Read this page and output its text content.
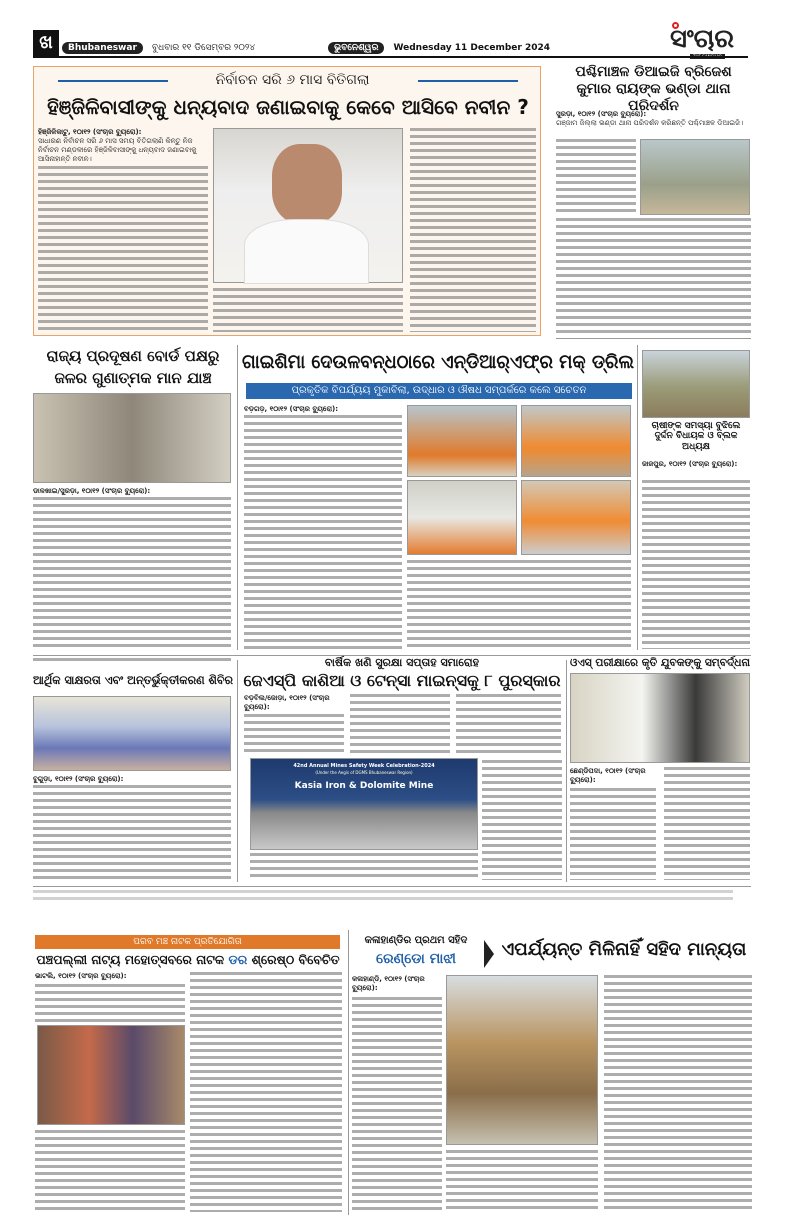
ଖ	Bhubaneswar ବୁଧବାର ୧୧ ଡିସେମ୍ବର ୨୦୨୪	ଭୁବନେଶ୍ୱର Wednesday 11 December 2024	ସଂଚାର
ନିର୍ବାଚନ ସରି ୬ ମାସ ବିତିଗଲା
ହିଞ୍ଜିଳିବାସୀଙ୍କୁ ଧନ୍ୟବାଦ ଜଣାଇବାକୁ କେବେ ଆସିବେ ନବୀନ ?
ହିଞ୍ଜିଳିକାଟୁ, ୧୦ା୧୨ (ସଂଚାର ବ୍ୟୁରୋ):
ସାଧାରଣ ନିର୍ବାଚନ ସରି ୬ ମାସ ସମୟ ବିତିଗଲାଣି କିନ୍ତୁ ନିଜ ନିର୍ବାଚନ ମଣ୍ଡଳୀରେ ହିଞ୍ଜିଳିବାସୀଙ୍କୁ ଧନ୍ୟବାଦ ଜଣାଇବାକୁ ଆସିନାହାନ୍ତି ନବୀନ।
ପଶ୍ଚିମାଞ୍ଚଳ ଡିଆଇଜି ବ୍ରିଜେଶ କୁମାର ରାୟଙ୍କ ଭଣ୍ଡା ଥାନା ପରିଦର୍ଶନ
ସୁରଡ଼ା, ୧୦ା୧୨ (ସଂଚାର ବ୍ୟୁରୋ):
ଗଞ୍ଜାମ ଜିଲ୍ଲା ଭଣ୍ଡା ଥାନା ପରିଦର୍ଶନ କରିଛନ୍ତି ପଶ୍ଚିମାଞ୍ଚଳ ଡିଆଇଜି।
ରାଜ୍ୟ ପ୍ରଦୂଷଣ ବୋର୍ଡ ପକ୍ଷରୁ ଜଳର ଗୁଣାତ୍ମକ ମାନ ଯାଞ୍ଚ
ଡାଳଖାଇ/ସୁରଡ଼ା, ୧୦ା୧୨ (ସଂଚାର ବ୍ୟୁରୋ):
ଗାଇଶିମା ଦେଉଳବନ୍ଧଠାରେ ଏନ୍‌ଡିଆର୍‌ଏଫ୍‌ର ମକ୍ ଡ୍ରିଲ
ପ୍ରକୃତିକ ବିପର୍ଯ୍ୟୟ ମୁକାବିଲା, ଉଦ୍ଧାର ଓ ଔଷଧ ସମ୍ପର୍କରେ କଲେ ସଚେତନ
ବଡ଼ଗଡ଼, ୧୦ା୧୨ (ସଂଚାର ବ୍ୟୁରୋ):
ଚାଷୀଙ୍କ ସମସ୍ୟା ବୁଝିଲେ ଦୁର୍ଦ୍ଦନ ବିଧାୟକ ଓ ବ୍ଲକ ଅଧ୍ୟକ୍ଷ
ଜାଜପୁର, ୧୦ା୧୨ (ସଂଚାର ବ୍ୟୁରୋ):
ଆର୍ଥିକ ସାକ୍ଷରତା ଏବଂ ଅନ୍ତର୍ଭୁକ୍ତୀକରଣ ଶିବିର
ବୁଗୁଡ଼ା, ୧୦ା୧୨ (ସଂଚାର ବ୍ୟୁରୋ):
ବାର୍ଷିକ ଖଣି ସୁରକ୍ଷା ସପ୍ତାହ ସମାରୋହ
ଜେଏସ୍‌ପି କାଶିଆ ଓ ଟେନ୍ସା ମାଇନ୍ସକୁ ୮ ପୁରସ୍କାର
ବଡ଼ବିଲ/ଜୋଡ଼ା, ୧୦ା୧୨ (ସଂଚାର ବ୍ୟୁରୋ):
42nd Annual Mines Safety Week Celebration-2024
(Under the Aegis of DGMS Bhubaneswar Region)
Kasia Iron & Dolomite Mine
ଓଏସ୍ ପରୀକ୍ଷାରେ କୃତି ଯୁବକଙ୍କୁ ସମ୍ବର୍ଦ୍ଧନା
ଛେଣ୍ଡିପଦା, ୧୦ା୧୨ (ସଂଚାର ବ୍ୟୁରୋ):
ପରବ ମଞ୍ଚ ନାଟକ ପ୍ରତିଯୋଗିତା
ପଞ୍ଚପଲ୍ଲୀ ନାଟ୍ୟ ମହୋତ୍ସବରେ ନାଟକ ଡର ଶ୍ରେଷ୍ଠ ବିବେଚିତ
ଭାଟଲି, ୧୦ା୧୨ (ସଂଚାର ବ୍ୟୁରୋ):
କଳାହାଣ୍ଡିର ପ୍ରଥମ ସହିଦ
ରେଣ୍ଡୋ ମାଝୀ	ଏପର୍ଯ୍ୟନ୍ତ ମିଳିନାହିଁ ସହିଦ ମାନ୍ୟତା
କଳାହାଣ୍ଡି, ୧୦ା୧୨ (ସଂଚାର ବ୍ୟୁରୋ):
